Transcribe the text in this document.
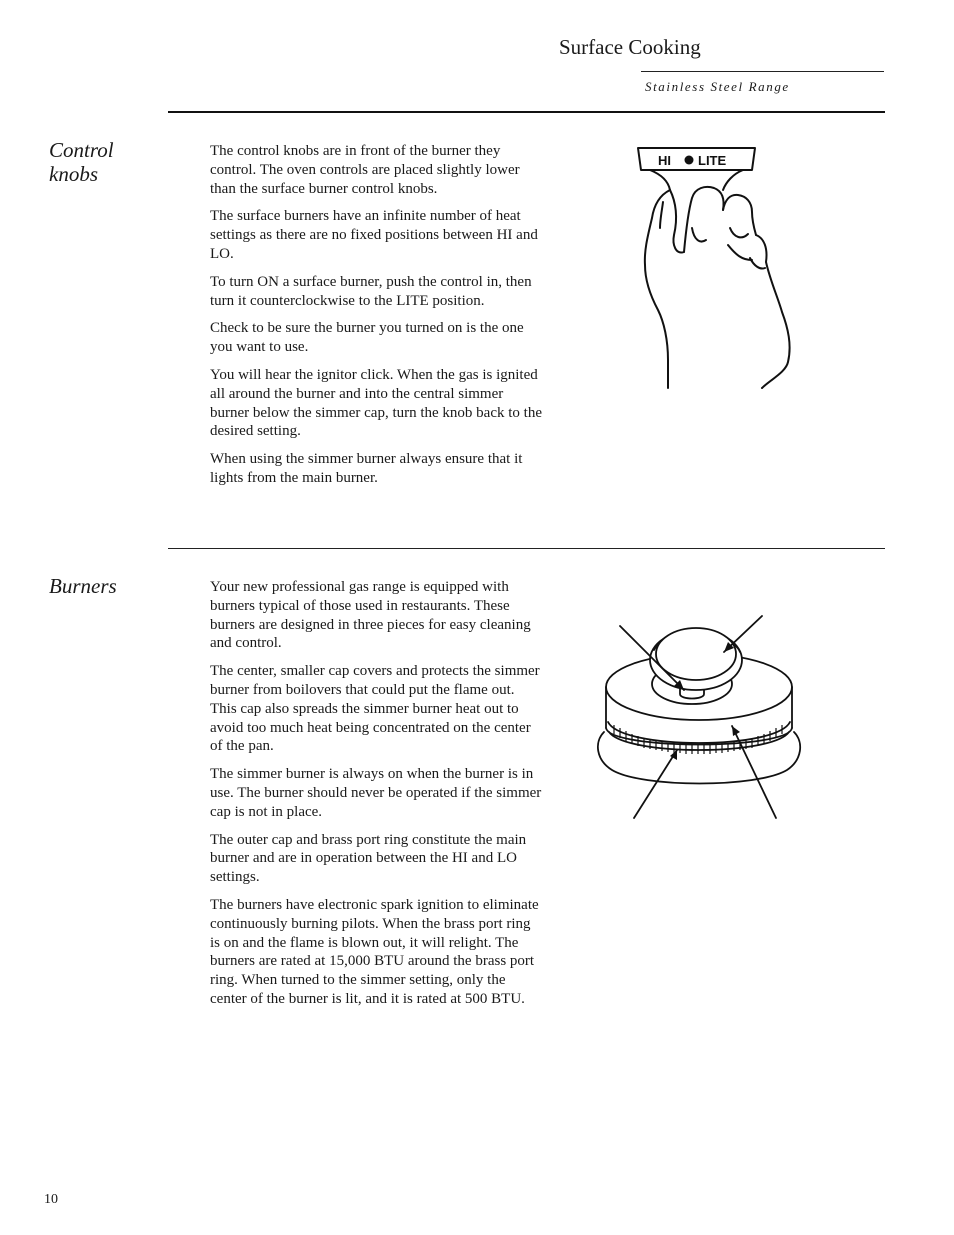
Surface Cooking
Stainless Steel Range
Control knobs

The control knobs are in front of the burner they control. The oven controls are placed slightly lower than the surface burner control knobs.

The surface burners have an infinite number of heat settings as there are no fixed positions between HI and LO.

To turn ON a surface burner, push the control in, then turn it counterclockwise to the LITE position.

Check to be sure the burner you turned on is the one you want to use.

You will hear the ignitor click. When the gas is ignited all around the burner and into the central simmer burner below the simmer cap, turn the knob back to the desired setting.

When using the simmer burner always ensure that it lights from the main burner.

HI LITE
Burners	Your new professional gas range is equipped with burners typical of those used in restaurants. These burners are designed in three pieces for easy cleaning and control.

The center, smaller cap covers and protects the simmer burner from boilovers that could put the flame out. This cap also spreads the simmer burner heat out to avoid too much heat being concentrated on the center of the pan.

The simmer burner is always on when the burner is in use. The burner should never be operated if the simmer cap is not in place.

The outer cap and brass port ring constitute the main burner and are in operation between the HI and LO settings.

The burners have electronic spark ignition to eliminate continuously burning pilots. When the brass port ring is on and the flame is blown out, it will relight. The burners are rated at 15,000 BTU around the brass port ring. When turned to the simmer setting, only the center of the burner is lit, and it is rated at 500 BTU.

10
